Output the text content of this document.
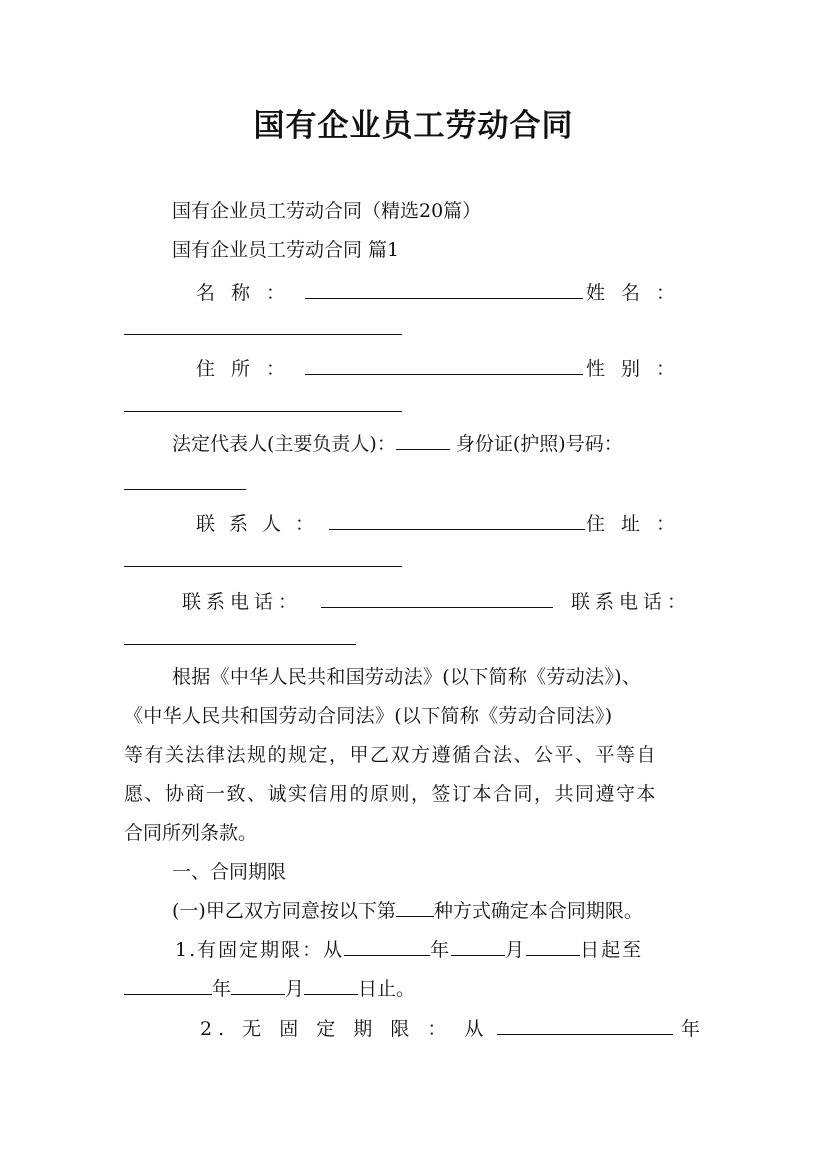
国有企业员工劳动合同
国有企业员工劳动合同（精选20篇）
国有企业员工劳动合同 篇1
名称：	姓名：
住所：	性别：
法定代表人(主要负责人)：	身份证(护照)号码：
联系人：	住址：
联系电话：	联系电话：
根据《中华人民共和国劳动法》(以下简称《劳动法》)、
《中华人民共和国劳动合同法》(以下简称《劳动合同法》)
等有关法律法规的规定，甲乙双方遵循合法、公平、平等自
愿、协商一致、诚实信用的原则，签订本合同，共同遵守本
合同所列条款。
一、合同期限
(一)甲乙双方同意按以下第 种方式确定本合同期限。
1.有固定期限：从	年	月	日起至
年	月	日止。
2. 无 固 定 期 限 ： 从	年
